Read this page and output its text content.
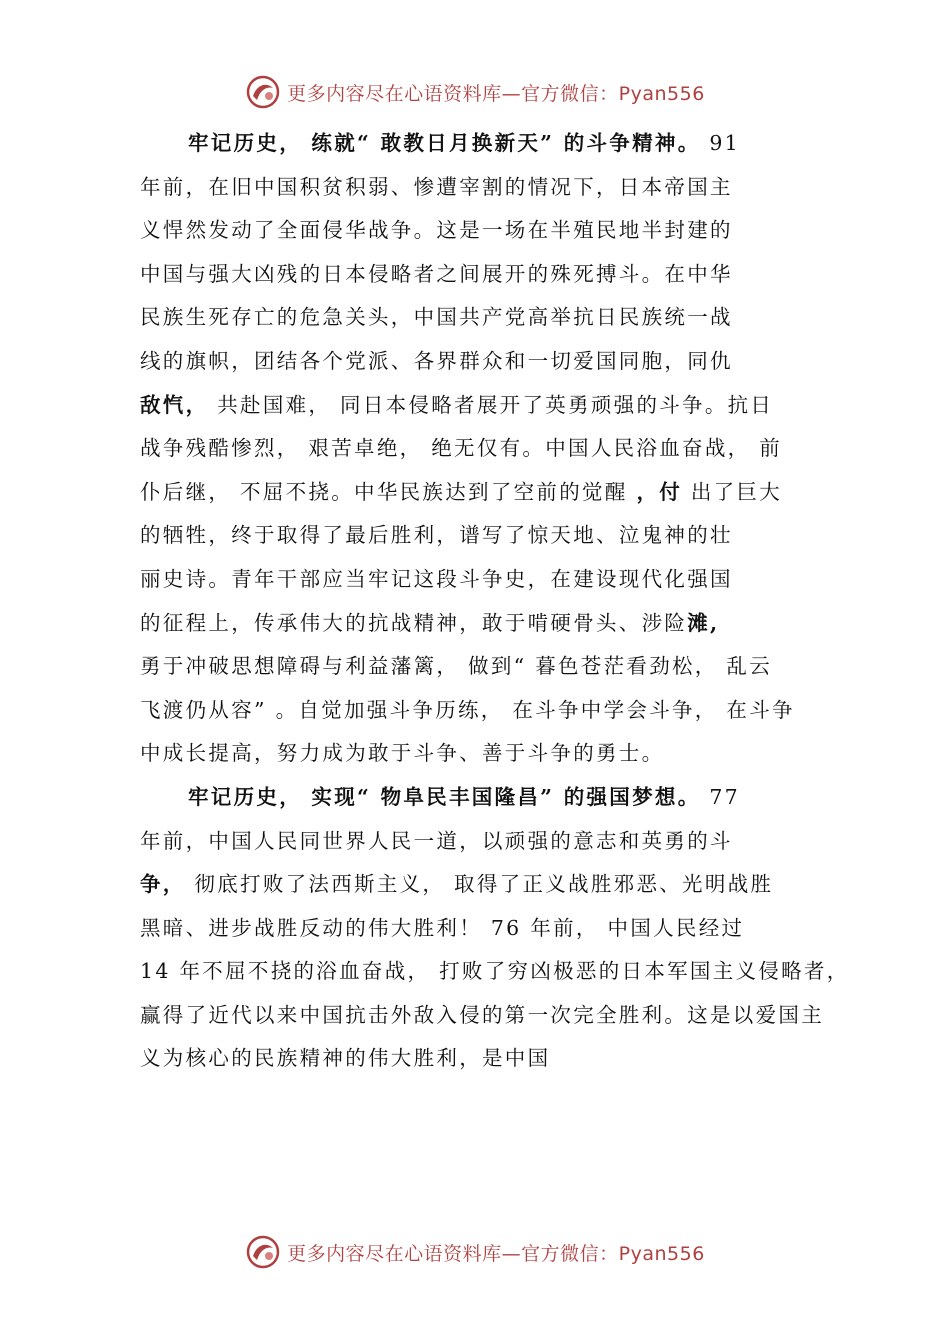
更多内容尽在心语资料库—官方微信：Pyan556
牢记历史， 练就“ 敢教日月换新天” 的斗争精神。 91
年前，在旧中国积贫积弱、惨遭宰割的情况下，日本帝国主
义悍然发动了全面侵华战争。这是一场在半殖民地半封建的
中国与强大凶残的日本侵略者之间展开的殊死搏斗。在中华
民族生死存亡的危急关头，中国共产党高举抗日民族统一战
线的旗帜，团结各个党派、各界群众和一切爱国同胞，同仇
敌忾， 共赴国难， 同日本侵略者展开了英勇顽强的斗争。抗日
战争残酷惨烈， 艰苦卓绝， 绝无仅有。中国人民浴血奋战， 前
仆后继， 不屈不挠。中华民族达到了空前的觉醒 ，付 出了巨大
的牺牲，终于取得了最后胜利，谱写了惊天地、泣鬼神的壮
丽史诗。青年干部应当牢记这段斗争史，在建设现代化强国
的征程上，传承伟大的抗战精神，敢于啃硬骨头、涉险滩,
勇于冲破思想障碍与利益藩篱， 做到“ 暮色苍茫看劲松， 乱云
飞渡仍从容” 。自觉加强斗争历练， 在斗争中学会斗争， 在斗争
中成长提高，努力成为敢于斗争、善于斗争的勇士。
牢记历史， 实现“ 物阜民丰国隆昌” 的强国梦想。 77
年前，中国人民同世界人民一道，以顽强的意志和英勇的斗
争， 彻底打败了法西斯主义， 取得了正义战胜邪恶、光明战胜
黑暗、进步战胜反动的伟大胜利！ 76 年前， 中国人民经过
14 年不屈不挠的浴血奋战， 打败了穷凶极恶的日本军国主义侵略者，
赢得了近代以来中国抗击外敌入侵的第一次完全胜利。这是以爱国主
义为核心的民族精神的伟大胜利，是中国
更多内容尽在心语资料库—官方微信：Pyan556
